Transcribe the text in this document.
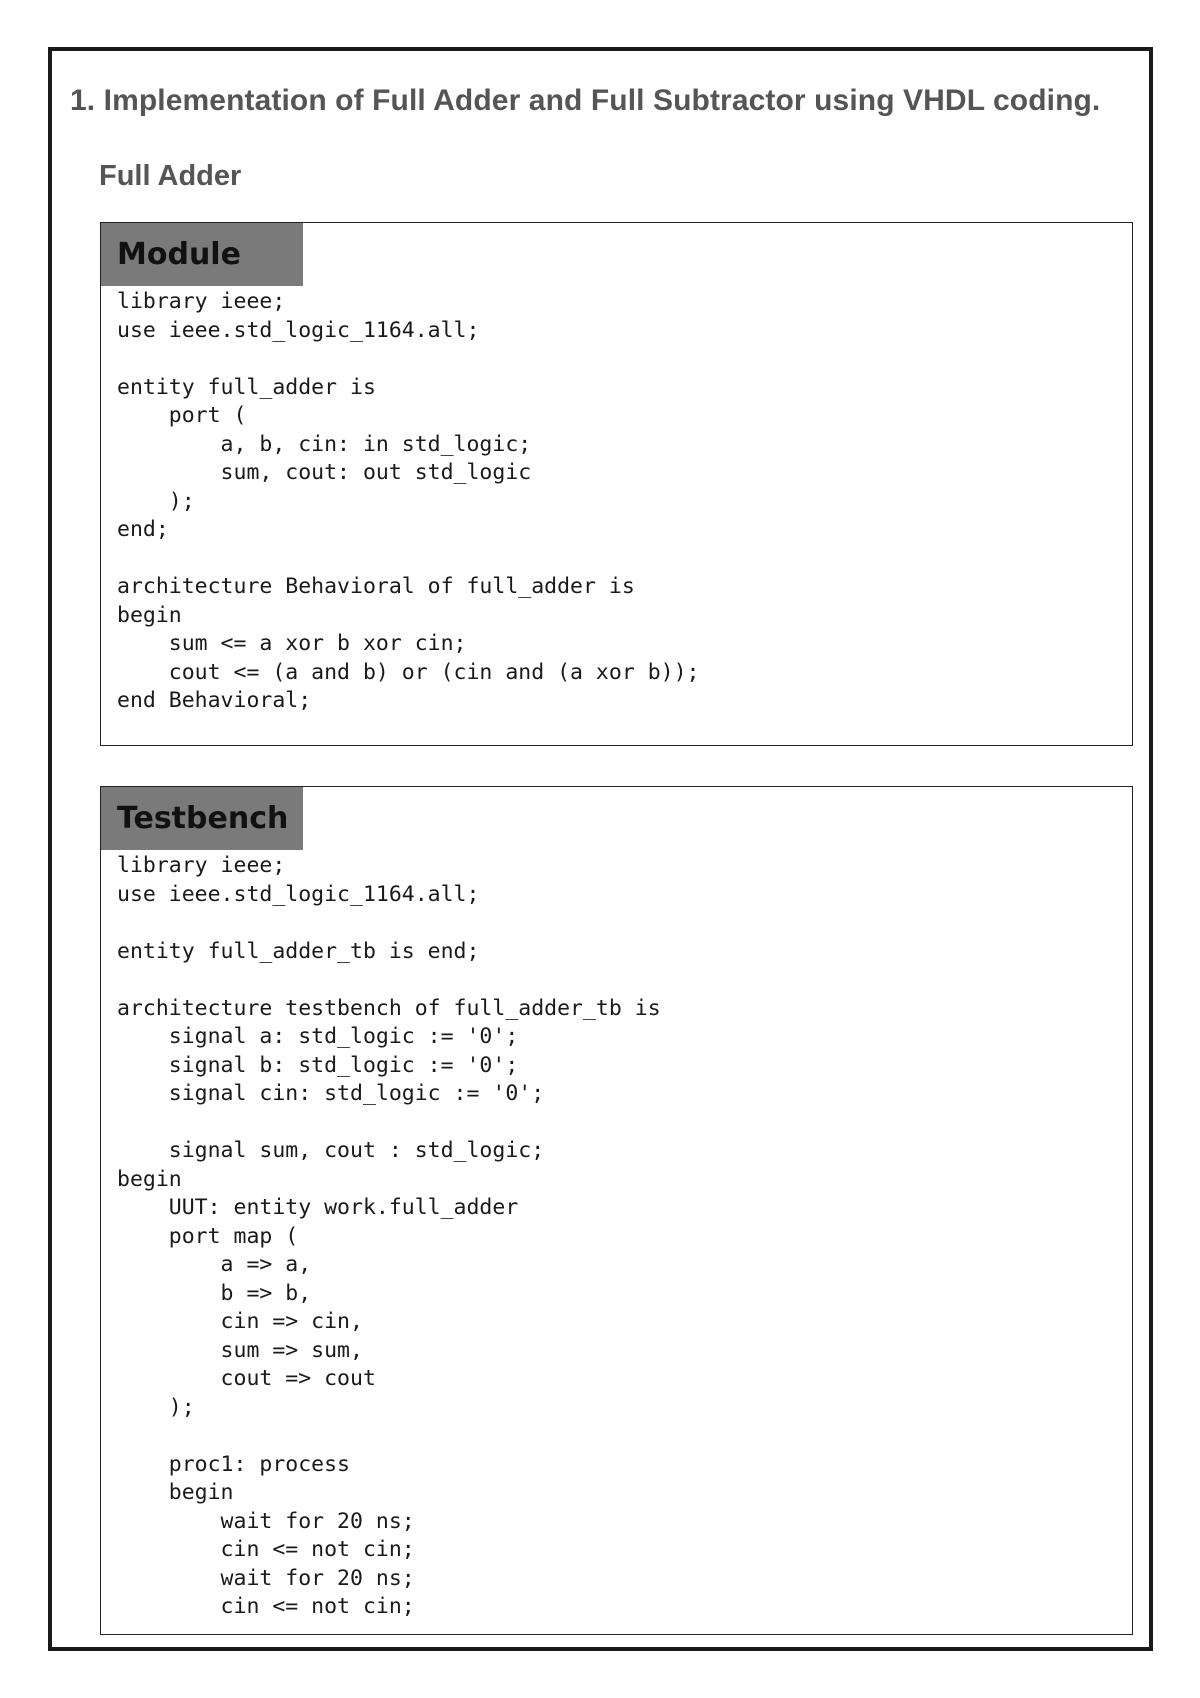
1. Implementation of Full Adder and Full Subtractor using VHDL coding.
Full Adder
Module
library ieee;
use ieee.std_logic_1164.all;

entity full_adder is
port (
a, b, cin: in std_logic;
sum, cout: out std_logic
);
end;

architecture Behavioral of full_adder is
begin
sum <= a xor b xor cin;
cout <= (a and b) or (cin and (a xor b));
end Behavioral;
Testbench
library ieee;
use ieee.std_logic_1164.all;

entity full_adder_tb is end;

architecture testbench of full_adder_tb is
signal a: std_logic := '0';
signal b: std_logic := '0';
signal cin: std_logic := '0';

signal sum, cout : std_logic;
begin
UUT: entity work.full_adder
port map (
a => a,
b => b,
cin => cin,
sum => sum,
cout => cout
);

proc1: process
begin
wait for 20 ns;
cin <= not cin;
wait for 20 ns;
cin <= not cin;
